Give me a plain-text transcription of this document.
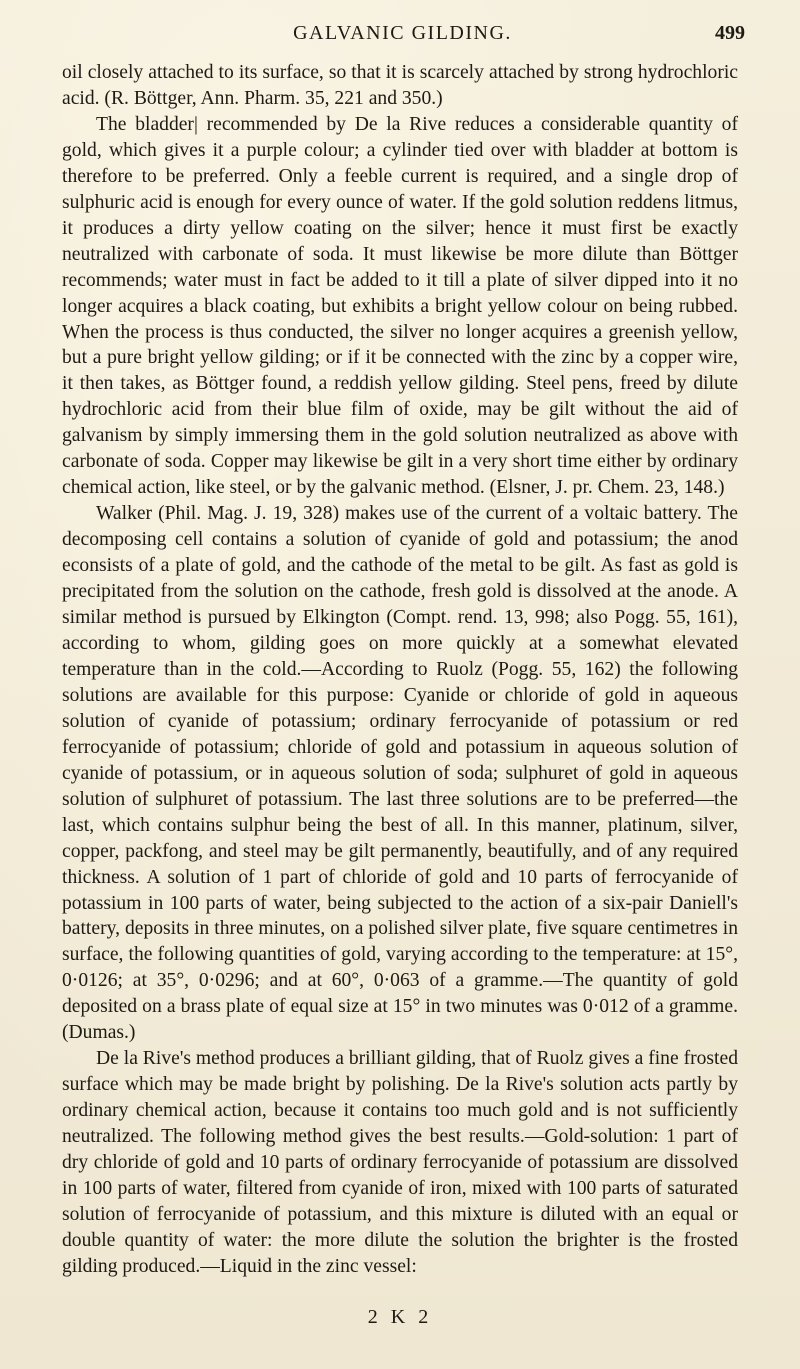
GALVANIC GILDING.	499

oil closely attached to its surface, so that it is scarcely attached by strong hydrochloric acid. (R. Böttger, Ann. Pharm. 35, 221 and 350.)

The bladder| recommended by De la Rive reduces a considerable quantity of gold, which gives it a purple colour; a cylinder tied over with bladder at bottom is therefore to be preferred. Only a feeble current is required, and a single drop of sulphuric acid is enough for every ounce of water. If the gold solution reddens litmus, it produces a dirty yellow coating on the silver; hence it must first be exactly neutralized with carbonate of soda. It must likewise be more dilute than Böttger recommends; water must in fact be added to it till a plate of silver dipped into it no longer acquires a black coating, but exhibits a bright yellow colour on being rubbed. When the process is thus conducted, the silver no longer acquires a greenish yellow, but a pure bright yellow gilding; or if it be connected with the zinc by a copper wire, it then takes, as Böttger found, a reddish yellow gilding. Steel pens, freed by dilute hydrochloric acid from their blue film of oxide, may be gilt without the aid of galvanism by simply immersing them in the gold solution neutralized as above with carbonate of soda. Copper may likewise be gilt in a very short time either by ordinary chemical action, like steel, or by the galvanic method. (Elsner, J. pr. Chem. 23, 148.)

Walker (Phil. Mag. J. 19, 328) makes use of the current of a voltaic battery. The decomposing cell contains a solution of cyanide of gold and potassium; the anod econsists of a plate of gold, and the cathode of the metal to be gilt. As fast as gold is precipitated from the solution on the cathode, fresh gold is dissolved at the anode. A similar method is pursued by Elkington (Compt. rend. 13, 998; also Pogg. 55, 161), according to whom, gilding goes on more quickly at a somewhat elevated temperature than in the cold.—According to Ruolz (Pogg. 55, 162) the following solutions are available for this purpose: Cyanide or chloride of gold in aqueous solution of cyanide of potassium; ordinary ferrocyanide of potassium or red ferrocyanide of potassium; chloride of gold and potassium in aqueous solution of cyanide of potassium, or in aqueous solution of soda; sulphuret of gold in aqueous solution of sulphuret of potassium. The last three solutions are to be preferred—the last, which contains sulphur being the best of all. In this manner, platinum, silver, copper, packfong, and steel may be gilt permanently, beautifully, and of any required thickness. A solution of 1 part of chloride of gold and 10 parts of ferrocyanide of potassium in 100 parts of water, being subjected to the action of a six-pair Daniell's battery, deposits in three minutes, on a polished silver plate, five square centimetres in surface, the following quantities of gold, varying according to the temperature: at 15°, 0·0126; at 35°, 0·0296; and at 60°, 0·063 of a gramme.—The quantity of gold deposited on a brass plate of equal size at 15° in two minutes was 0·012 of a gramme. (Dumas.)

De la Rive's method produces a brilliant gilding, that of Ruolz gives a fine frosted surface which may be made bright by polishing. De la Rive's solution acts partly by ordinary chemical action, because it contains too much gold and is not sufficiently neutralized. The following method gives the best results.—Gold-solution: 1 part of dry chloride of gold and 10 parts of ordinary ferrocyanide of potassium are dissolved in 100 parts of water, filtered from cyanide of iron, mixed with 100 parts of saturated solution of ferrocyanide of potassium, and this mixture is diluted with an equal or double quantity of water: the more dilute the solution the brighter is the frosted gilding produced.—Liquid in the zinc vessel:

2 K 2
